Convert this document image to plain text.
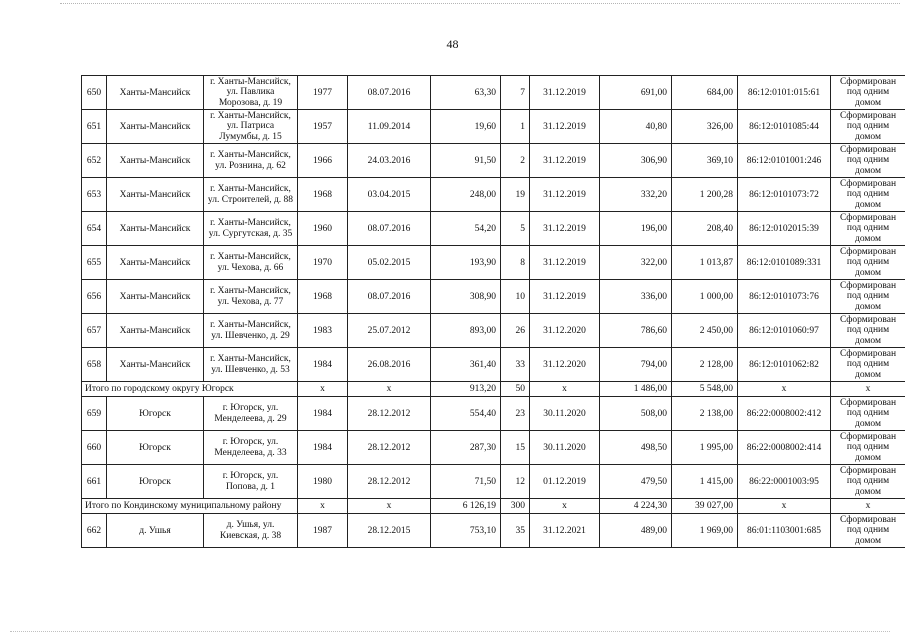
48
650	Ханты-Мансийск	г. Ханты-Мансийск, ул. Павлика Морозова, д. 19	1977	08.07.2016	63,30	7	31.12.2019	691,00	684,00	86:12:0101:015:61	Сформирован под одним домом
651	Ханты-Мансийск	г. Ханты-Мансийск, ул. Патриса Лумумбы, д. 15	1957	11.09.2014	19,60	1	31.12.2019	40,80	326,00	86:12:0101085:44	Сформирован под одним домом
652	Ханты-Мансийск	г. Ханты-Мансийск, ул. Рознина, д. 62	1966	24.03.2016	91,50	2	31.12.2019	306,90	369,10	86:12:0101001:246	Сформирован под одним домом
653	Ханты-Мансийск	г. Ханты-Мансийск, ул. Строителей, д. 88	1968	03.04.2015	248,00	19	31.12.2019	332,20	1 200,28	86:12:0101073:72	Сформирован под одним домом
654	Ханты-Мансийск	г. Ханты-Мансийск, ул. Сургутская, д. 35	1960	08.07.2016	54,20	5	31.12.2019	196,00	208,40	86:12:0102015:39	Сформирован под одним домом
655	Ханты-Мансийск	г. Ханты-Мансийск, ул. Чехова, д. 66	1970	05.02.2015	193,90	8	31.12.2019	322,00	1 013,87	86:12:0101089:331	Сформирован под одним домом
656	Ханты-Мансийск	г. Ханты-Мансийск, ул. Чехова, д. 77	1968	08.07.2016	308,90	10	31.12.2019	336,00	1 000,00	86:12:0101073:76	Сформирован под одним домом
657	Ханты-Мансийск	г. Ханты-Мансийск, ул. Шевченко, д. 29	1983	25.07.2012	893,00	26	31.12.2020	786,60	2 450,00	86:12:0101060:97	Сформирован под одним домом
658	Ханты-Мансийск	г. Ханты-Мансийск, ул. Шевченко, д. 53	1984	26.08.2016	361,40	33	31.12.2020	794,00	2 128,00	86:12:0101062:82	Сформирован под одним домом
Итого по городскому округу Югорск			x	x	913,20	50	x	1 486,00	5 548,00	x	x
659	Югорск	г. Югорск, ул. Менделеева, д. 29	1984	28.12.2012	554,40	23	30.11.2020	508,00	2 138,00	86:22:0008002:412	Сформирован под одним домом
660	Югорск	г. Югорск, ул. Менделеева, д. 33	1984	28.12.2012	287,30	15	30.11.2020	498,50	1 995,00	86:22:0008002:414	Сформирован под одним домом
661	Югорск	г. Югорск, ул. Попова, д. 1	1980	28.12.2012	71,50	12	01.12.2019	479,50	1 415,00	86:22:0001003:95	Сформирован под одним домом
Итого по Кондинскому муниципальному району			x	x	6 126,19	300	x	4 224,30	39 027,00	x	x
662	д. Ушья	д. Ушья, ул. Киевская, д. 38	1987	28.12.2015	753,10	35	31.12.2021	489,00	1 969,00	86:01:1103001:685	Сформирован под одним домом
